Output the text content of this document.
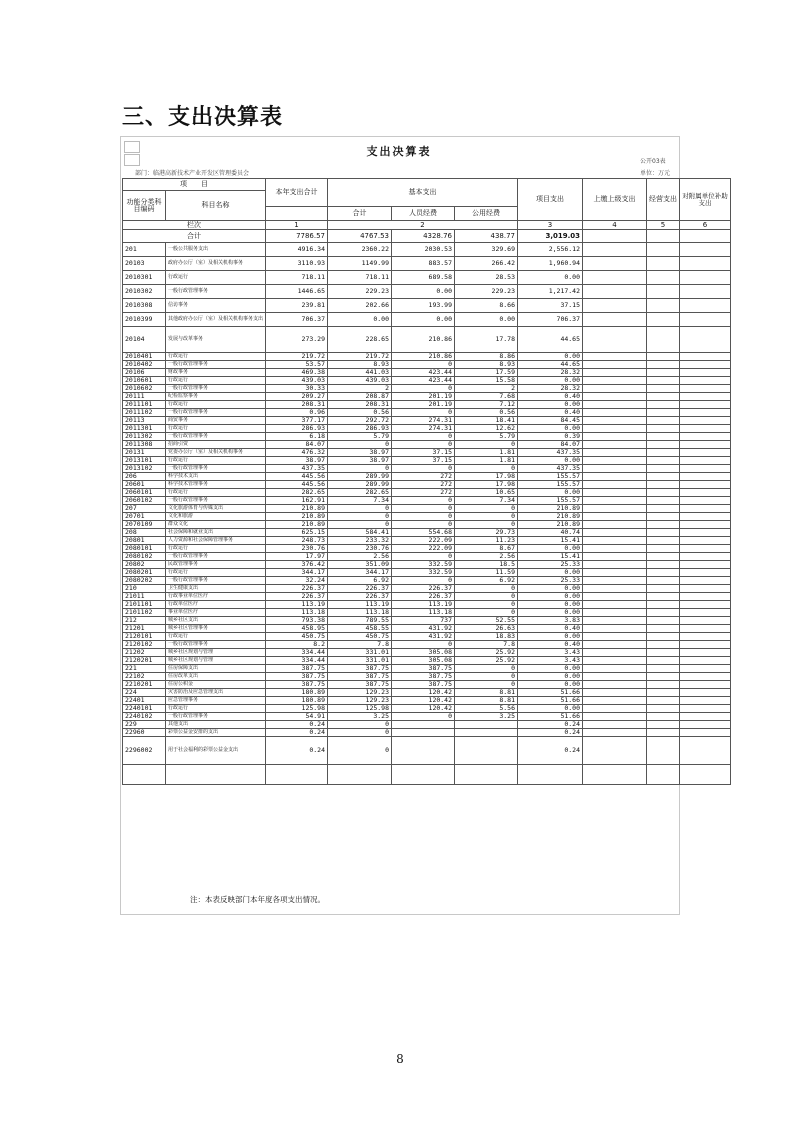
三、支出决算表
支出决算表
公开03表
部门：临港高新技术产业开发区管理委员会	单位：万元
项　　目		本年支出合计	基本支出			项目支出	上缴上级支出	经营支出	对附属单位补助支出
功能分类科目编码	科目名称								
			合计	人员经费	公用经费				
栏次		1	2			3	4	5	6
合计		7786.57	4767.53	4328.76	438.77	3,019.03			
201	一般公共服务支出	4916.34	2360.22	2030.53	329.69	2,556.12			
20103	政府办公厅（室）及相关机构事务	3110.93	1149.99	883.57	266.42	1,960.94			
2010301	行政运行	718.11	718.11	689.58	28.53	0.00			
2010302	一般行政管理事务	1446.65	229.23	0.00	229.23	1,217.42			
2010308	信访事务	239.81	202.66	193.99	8.66	37.15			
2010399	其他政府办公厅（室）及相关机构事务支出	706.37	0.00	0.00	0.00	706.37			
20104	发展与改革事务	273.29	228.65	210.86	17.78	44.65			
2010401	行政运行	219.72	219.72	210.86	8.86	0.00			
2010402	一般行政管理事务	53.57	8.93	0	8.93	44.65			
20106	财政事务	469.38	441.03	423.44	17.59	28.32			
2010601	行政运行	439.03	439.03	423.44	15.58	0.00			
2010602	一般行政管理事务	30.33	2	0	2	28.32			
20111	纪检监察事务	209.27	208.87	201.19	7.68	0.40			
2011101	行政运行	208.31	208.31	201.19	7.12	0.00			
2011102	一般行政管理事务	0.96	0.56	0	0.56	0.40			
20113	商贸事务	377.17	292.72	274.31	18.41	84.45			
2011301	行政运行	286.93	286.93	274.31	12.62	0.00			
2011302	一般行政管理事务	6.18	5.79	0	5.79	0.39			
2011308	招商引资	84.07	0	0	0	84.07			
20131	党委办公厅（室）及相关机构事务	476.32	38.97	37.15	1.81	437.35			
2013101	行政运行	38.97	38.97	37.15	1.81	0.00			
2013102	一般行政管理事务	437.35	0	0	0	437.35			
206	科学技术支出	445.56	289.99	272	17.98	155.57			
20601	科学技术管理事务	445.56	289.99	272	17.98	155.57			
2060101	行政运行	282.65	282.65	272	10.65	0.00			
2060102	一般行政管理事务	162.91	7.34	0	7.34	155.57			
207	文化旅游体育与传媒支出	210.89	0	0	0	210.89			
20701	文化和旅游	210.89	0	0	0	210.89			
2070109	群众文化	210.89	0	0	0	210.89			
208	社会保障和就业支出	625.15	584.41	554.68	29.73	40.74			
20801	人力资源和社会保障管理事务	248.73	233.32	222.09	11.23	15.41			
2080101	行政运行	230.76	230.76	222.09	8.67	0.00			
2080102	一般行政管理事务	17.97	2.56	0	2.56	15.41			
20802	民政管理事务	376.42	351.09	332.59	18.5	25.33			
2080201	行政运行	344.17	344.17	332.59	11.59	0.00			
2080202	一般行政管理事务	32.24	6.92	0	6.92	25.33			
210	卫生健康支出	226.37	226.37	226.37	0	0.00			
21011	行政事业单位医疗	226.37	226.37	226.37	0	0.00			
2101101	行政单位医疗	113.19	113.19	113.19	0	0.00			
2101102	事业单位医疗	113.18	113.18	113.18	0	0.00			
212	城乡社区支出	793.38	789.55	737	52.55	3.83			
21201	城乡社区管理事务	458.95	458.55	431.92	26.63	0.40			
2120101	行政运行	450.75	450.75	431.92	18.83	0.00			
2120102	一般行政管理事务	8.2	7.8	0	7.8	0.40			
21202	城乡社区规划与管理	334.44	331.01	305.08	25.92	3.43			
2120201	城乡社区规划与管理	334.44	331.01	305.08	25.92	3.43			
221	住房保障支出	387.75	387.75	387.75	0	0.00			
22102	住房改革支出	387.75	387.75	387.75	0	0.00			
2210201	住房公积金	387.75	387.75	387.75	0	0.00			
224	灾害防治及应急管理支出	180.89	129.23	120.42	8.81	51.66			
22401	应急管理事务	180.89	129.23	120.42	8.81	51.66			
2240101	行政运行	125.98	125.98	120.42	5.56	0.00			
2240102	一般行政管理事务	54.91	3.25	0	3.25	51.66			
229	其他支出	0.24	0			0.24			
22960	彩票公益金安排的支出	0.24	0			0.24			
2296002	用于社会福利的彩票公益金支出	0.24	0			0.24			

注：本表反映部门本年度各项支出情况。
8
